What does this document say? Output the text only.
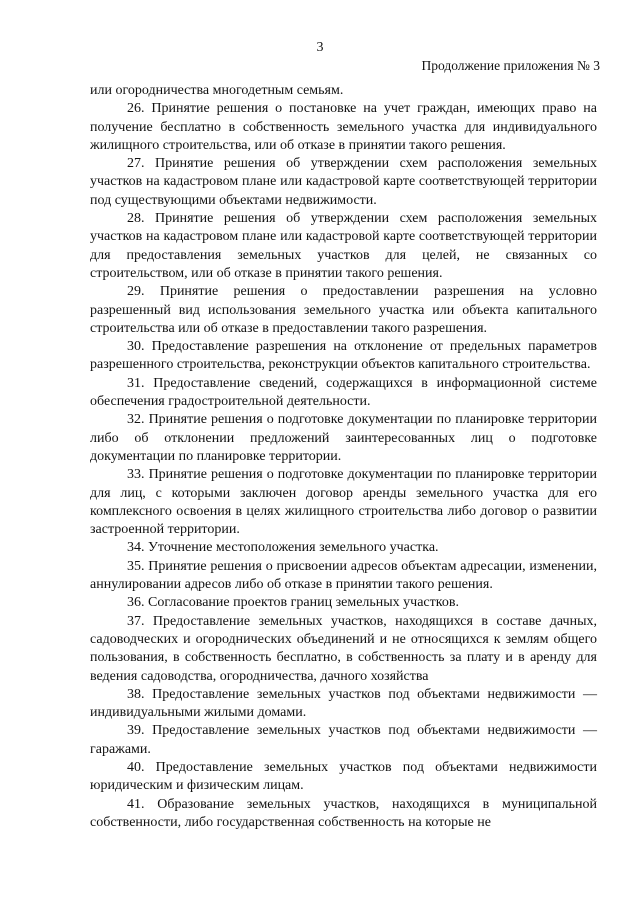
3
Продолжение приложения № 3

или огородничества многодетным семьям.

26. Принятие решения о постановке на учет граждан, имеющих право на получение бесплатно в собственность земельного участка для индивидуального жилищного строительства, или об отказе в принятии такого решения.

27. Принятие решения об утверждении схем расположения земельных участков на кадастровом плане или кадастровой карте соответствующей территории под существующими объектами недвижимости.

28. Принятие решения об утверждении схем расположения земельных участков на кадастровом плане или кадастровой карте соответствующей территории для предоставления земельных участков для целей, не связанных со строительством, или об отказе в принятии такого решения.

29. Принятие решения о предоставлении разрешения на условно разрешенный вид использования земельного участка или объекта капитального строительства или об отказе в предоставлении такого разрешения.

30. Предоставление разрешения на отклонение от предельных параметров разрешенного строительства, реконструкции объектов капитального строительства.

31. Предоставление сведений, содержащихся в информационной системе обеспечения градостроительной деятельности.

32. Принятие решения о подготовке документации по планировке территории либо об отклонении предложений заинтересованных лиц о подготовке документации по планировке территории.

33. Принятие решения о подготовке документации по планировке территории для лиц, с которыми заключен договор аренды земельного участка для его комплексного освоения в целях жилищного строительства либо договор о развитии застроенной территории.

34. Уточнение местоположения земельного участка.

35. Принятие решения о присвоении адресов объектам адресации, изменении, аннулировании адресов либо об отказе в принятии такого решения.

36. Согласование проектов границ земельных участков.

37. Предоставление земельных участков, находящихся в составе дачных, садоводческих и огороднических объединений и не относящихся к землям общего пользования, в собственность бесплатно, в собственность за плату и в аренду для ведения садоводства, огородничества, дачного хозяйства

38. Предоставление земельных участков под объектами недвижимости — индивидуальными жилыми домами.

39. Предоставление земельных участков под объектами недвижимости — гаражами.

40. Предоставление земельных участков под объектами недвижимости юридическим и физическим лицам.

41. Образование земельных участков, находящихся в муниципальной собственности, либо государственная собственность на которые не
